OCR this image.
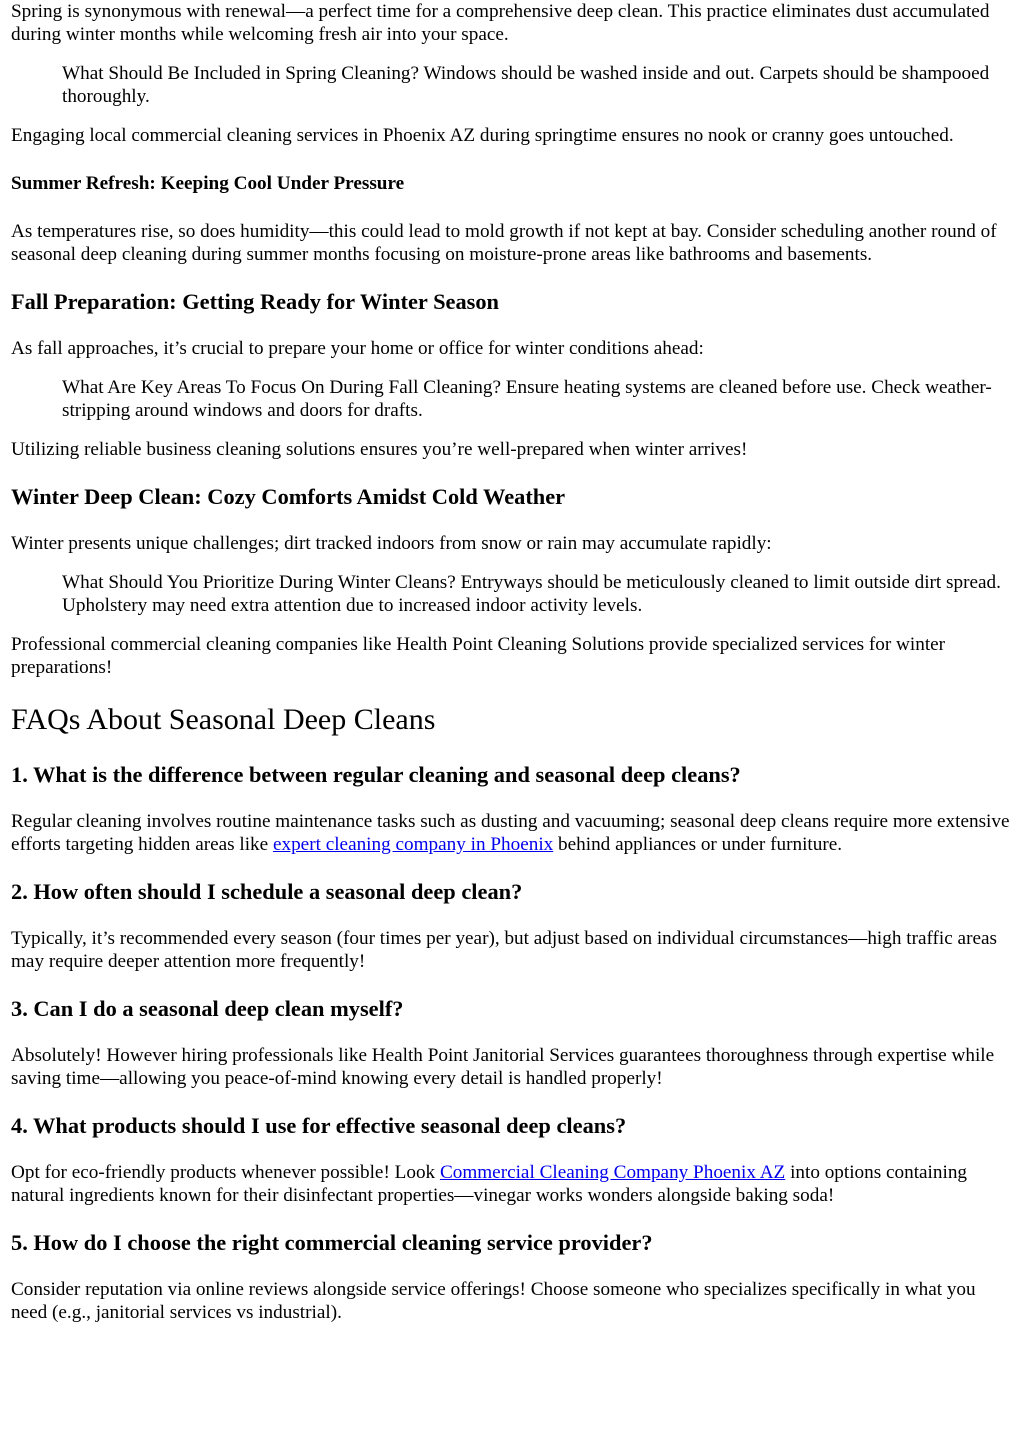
Spring is synonymous with renewal—a perfect time for a comprehensive deep clean. This practice eliminates dust accumulated during winter months while welcoming fresh air into your space.

What Should Be Included in Spring Cleaning? Windows should be washed inside and out. Carpets should be shampooed thoroughly.

Engaging local commercial cleaning services in Phoenix AZ during springtime ensures no nook or cranny goes untouched.

Summer Refresh: Keeping Cool Under Pressure

As temperatures rise, so does humidity—this could lead to mold growth if not kept at bay. Consider scheduling another round of seasonal deep cleaning during summer months focusing on moisture-prone areas like bathrooms and basements.

Fall Preparation: Getting Ready for Winter Season

As fall approaches, it’s crucial to prepare your home or office for winter conditions ahead:

What Are Key Areas To Focus On During Fall Cleaning? Ensure heating systems are cleaned before use. Check weather-stripping around windows and doors for drafts.

Utilizing reliable business cleaning solutions ensures you’re well-prepared when winter arrives!

Winter Deep Clean: Cozy Comforts Amidst Cold Weather

Winter presents unique challenges; dirt tracked indoors from snow or rain may accumulate rapidly:

What Should You Prioritize During Winter Cleans? Entryways should be meticulously cleaned to limit outside dirt spread. Upholstery may need extra attention due to increased indoor activity levels.

Professional commercial cleaning companies like Health Point Cleaning Solutions provide specialized services for winter preparations!

FAQs About Seasonal Deep Cleans
1. What is the difference between regular cleaning and seasonal deep cleans?

Regular cleaning involves routine maintenance tasks such as dusting and vacuuming; seasonal deep cleans require more extensive efforts targeting hidden areas like expert cleaning company in Phoenix behind appliances or under furniture.

2. How often should I schedule a seasonal deep clean?

Typically, it’s recommended every season (four times per year), but adjust based on individual circumstances—high traffic areas may require deeper attention more frequently!

3. Can I do a seasonal deep clean myself?

Absolutely! However hiring professionals like Health Point Janitorial Services guarantees thoroughness through expertise while saving time—allowing you peace-of-mind knowing every detail is handled properly!

4. What products should I use for effective seasonal deep cleans?

Opt for eco-friendly products whenever possible! Look Commercial Cleaning Company Phoenix AZ into options containing natural ingredients known for their disinfectant properties—vinegar works wonders alongside baking soda!

5. How do I choose the right commercial cleaning service provider?

Consider reputation via online reviews alongside service offerings! Choose someone who specializes specifically in what you need (e.g., janitorial services vs industrial).
